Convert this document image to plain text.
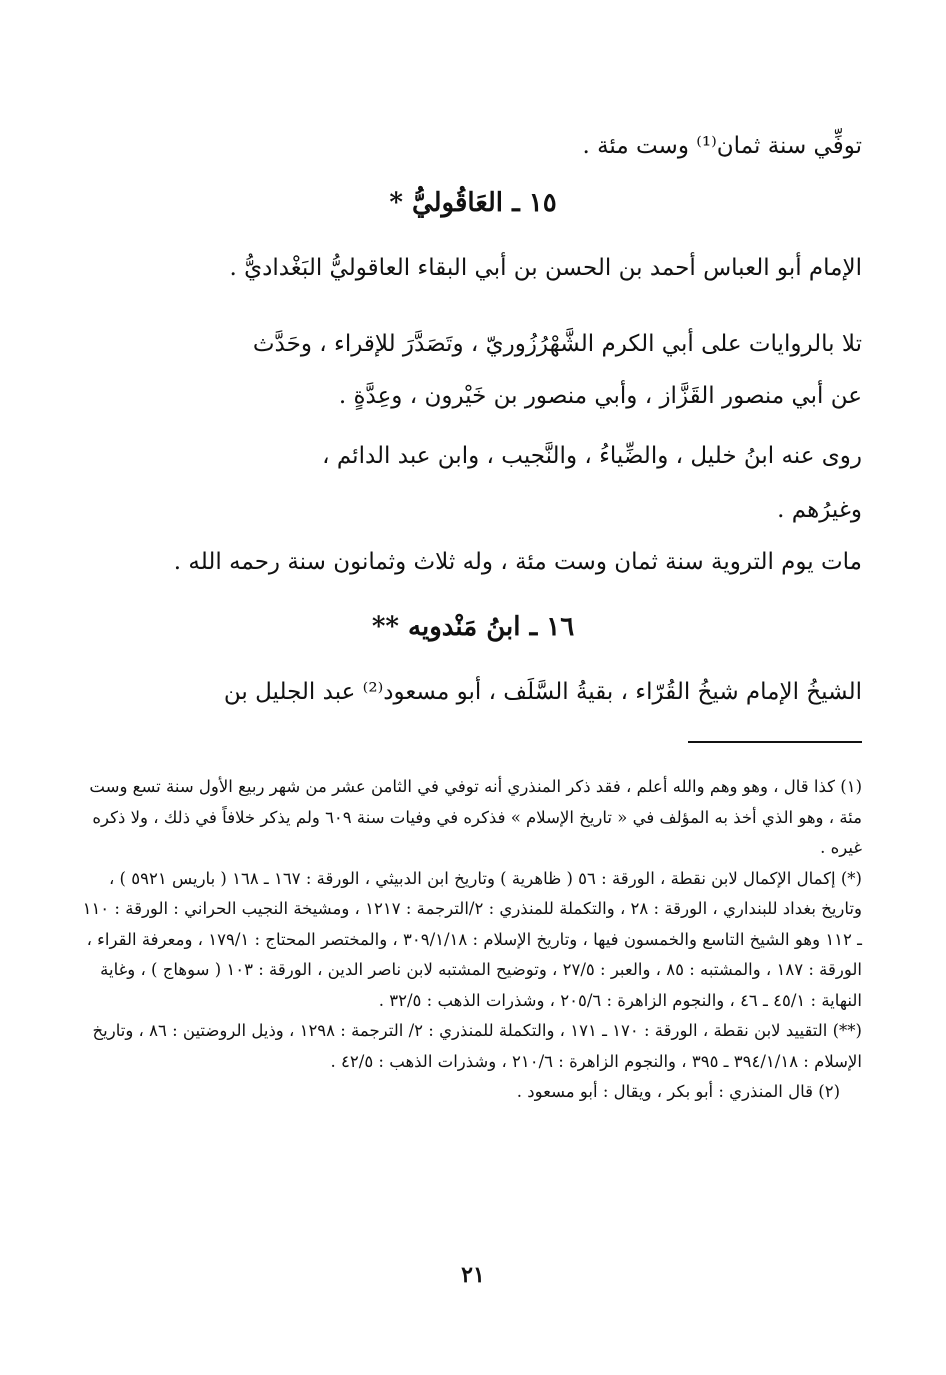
توفِّي سنة ثمان⁽¹⁾ وست مئة .
١٥ ـ العَاقُوليُّ *
الإمام أبو العباس أحمد بن الحسن بن أبي البقاء العاقوليُّ البَغْداديُّ .
تلا بالروايات على أبي الكرم الشَّهْرُزُوريّ ، وتَصَدَّرَ للإقراء ، وحَدَّث
عن أبي منصور القَزَّاز ، وأبي منصور بن خَيْرون ، وعِدَّةٍ .
روى عنه ابنُ خليل ، والضِّياءُ ، والنَّجيب ، وابن عبد الدائم ،
وغيرُهم .
مات يوم التروية سنة ثمان وست مئة ، وله ثلاث وثمانون سنة رحمه الله .
١٦ ـ ابنُ مَنْدويه **
الشيخُ الإمام شيخُ القُرّاء ، بقيةُ السَّلَف ، أبو مسعود⁽²⁾ عبد الجليل بن

(١) كذا قال ، وهو وهم والله أعلم ، فقد ذكر المنذري أنه توفي في الثامن عشر من شهر ربيع الأول سنة تسع وست مئة ، وهو الذي أخذ به المؤلف في « تاريخ الإسلام » فذكره في وفيات سنة ٦٠٩ ولم يذكر خلافاً في ذلك ، ولا ذكره غيره .

(*) إكمال الإكمال لابن نقطة ، الورقة : ٥٦ ( ظاهرية ) وتاريخ ابن الدبيثي ، الورقة : ١٦٧ ـ ١٦٨ ( باريس ٥٩٢١ ) ، وتاريخ بغداد للبنداري ، الورقة : ٢٨ ، والتكملة للمنذري : ٢/الترجمة : ١٢١٧ ، ومشيخة النجيب الحراني : الورقة : ١١٠ ـ ١١٢ وهو الشيخ التاسع والخمسون فيها ، وتاريخ الإسلام : ٣٠٩/١/١٨ ، والمختصر المحتاج : ١٧٩/١ ، ومعرفة القراء ، الورقة : ١٨٧ ، والمشتبه : ٨٥ ، والعبر : ٢٧/٥ ، وتوضيح المشتبه لابن ناصر الدين ، الورقة : ١٠٣ ( سوهاج ) ، وغاية النهاية : ٤٥/١ ـ ٤٦ ، والنجوم الزاهرة : ٢٠٥/٦ ، وشذرات الذهب : ٣٢/٥ .

(**) التقييد لابن نقطة ، الورقة : ١٧٠ ـ ١٧١ ، والتكملة للمنذري : ٢/ الترجمة : ١٢٩٨ ، وذيل الروضتين : ٨٦ ، وتاريخ الإسلام : ٣٩٤/١/١٨ ـ ٣٩٥ ، والنجوم الزاهرة : ٢١٠/٦ ، وشذرات الذهب : ٤٢/٥ .

(٢) قال المنذري : أبو بكر ، ويقال : أبو مسعود .

٢١
